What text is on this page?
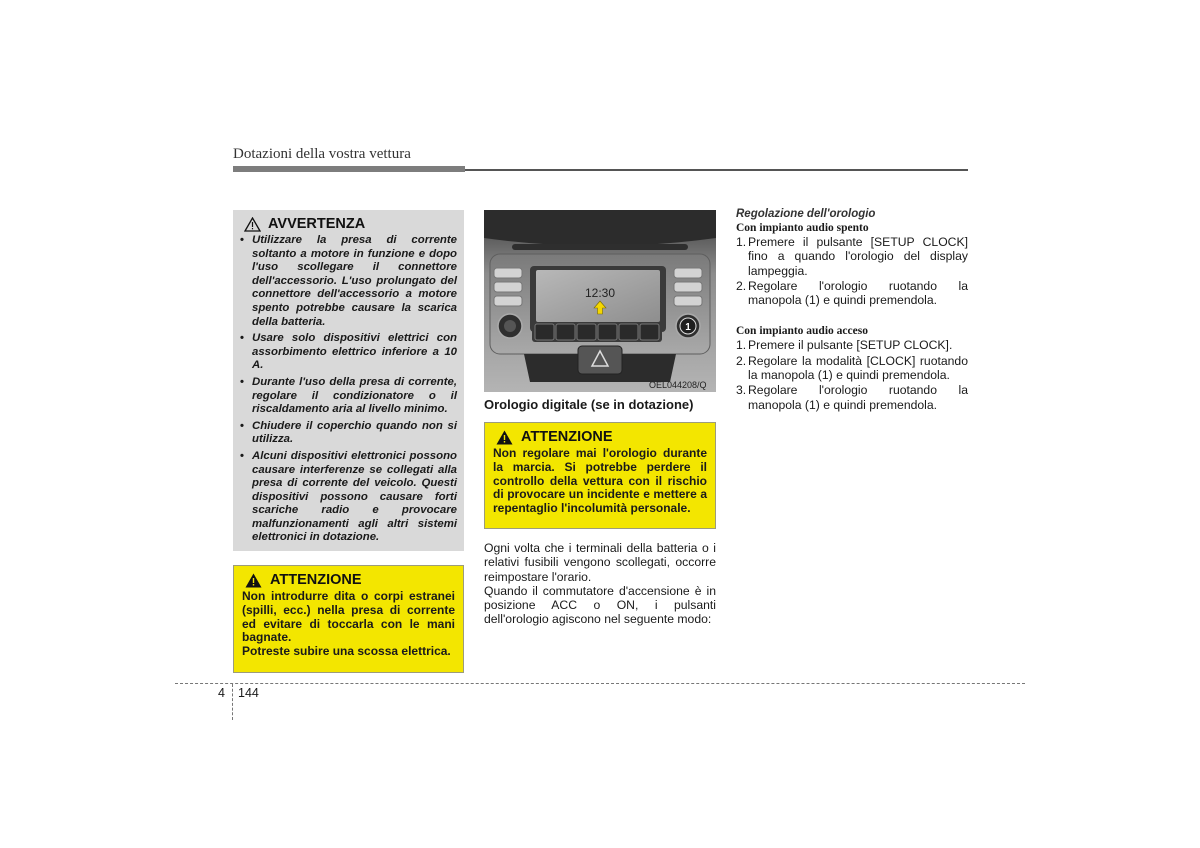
Dotazioni della vostra vettura
AVVERTENZA
• Utilizzare la presa di corrente soltanto a motore in funzione e dopo l'uso scollegare il connettore dell'accessorio. L'uso prolungato del connettore dell'accessorio a motore spento potrebbe causare la scarica della batteria.
• Usare solo dispositivi elettrici con assorbimento elettrico inferiore a 10 A.
• Durante l'uso della presa di corrente, regolare il condizionatore o il riscaldamento aria al livello minimo.
• Chiudere il coperchio quando non si utilizza.
• Alcuni dispositivi elettronici possono causare interferenze se collegati alla presa di corrente del veicolo. Questi dispositivi possono causare forti scariche radio e provocare malfunzionamenti agli altri sistemi elettronici in dotazione.
ATTENZIONE

Non introdurre dita o corpi estranei (spilli, ecc.) nella presa di corrente ed evitare di toccarla con le mani bagnate.

Potreste subire una scossa elettrica.

12:30
1
OEL044208/Q
Orologio digitale (se in dotazione)
ATTENZIONE

Non regolare mai l'orologio durante la marcia. Si potrebbe perdere il controllo della vettura con il rischio di provocare un incidente e mettere a repentaglio l'incolumità personale.

Ogni volta che i terminali della batteria o i relativi fusibili vengono scollegati, occorre reimpostare l'orario.

Quando il commutatore d'accensione è in posizione ACC o ON, i pulsanti dell'orologio agiscono nel seguente modo:

Regolazione dell'orologio
Con impianto audio spento
1. Premere il pulsante [SETUP CLOCK] fino a quando l'orologio del display lampeggia.
2. Regolare l'orologio ruotando la manopola (1) e quindi premendola.
Con impianto audio acceso
1. Premere il pulsante [SETUP CLOCK].
2. Regolare la modalità [CLOCK] ruotando la manopola (1) e quindi premendola.
3. Regolare l'orologio ruotando la manopola (1) e quindi premendola.
4 144
